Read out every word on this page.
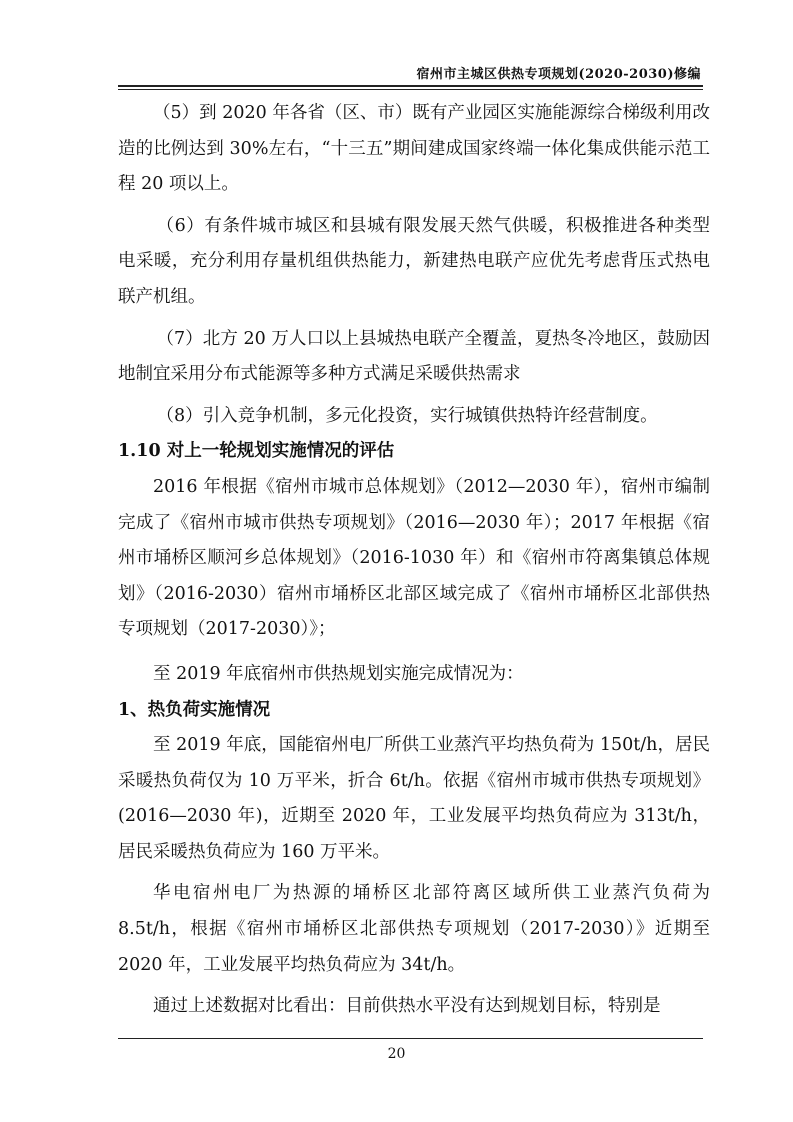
宿州市主城区供热专项规划(2020-2030)修编

（5）到 2020 年各省（区、市）既有产业园区实施能源综合梯级利用改造的比例达到 30%左右，“十三五”期间建成国家终端一体化集成供能示范工程 20 项以上。

（6）有条件城市城区和县城有限发展天然气供暖，积极推进各种类型电采暖，充分利用存量机组供热能力，新建热电联产应优先考虑背压式热电联产机组。

（7）北方 20 万人口以上县城热电联产全覆盖，夏热冬冷地区，鼓励因地制宜采用分布式能源等多种方式满足采暖供热需求

（8）引入竞争机制，多元化投资，实行城镇供热特许经营制度。

1.10 对上一轮规划实施情况的评估

2016 年根据《宿州市城市总体规划》（2012—2030 年），宿州市编制完成了《宿州市城市供热专项规划》（2016—2030 年）；2017 年根据《宿州市埇桥区顺河乡总体规划》（2016-1030 年）和《宿州市符离集镇总体规划》（2016-2030）宿州市埇桥区北部区域完成了《宿州市埇桥区北部供热专项规划（2017-2030）》；

至 2019 年底宿州市供热规划实施完成情况为：

1、热负荷实施情况

至 2019 年底，国能宿州电厂所供工业蒸汽平均热负荷为 150t/h，居民采暖热负荷仅为 10 万平米，折合 6t/h。依据《宿州市城市供热专项规划》(2016—2030 年)，近期至 2020 年，工业发展平均热负荷应为 313t/h，居民采暖热负荷应为 160 万平米。

华电宿州电厂为热源的埇桥区北部符离区域所供工业蒸汽负荷为 8.5t/h，根据《宿州市埇桥区北部供热专项规划（2017-2030）》近期至 2020 年，工业发展平均热负荷应为 34t/h。

通过上述数据对比看出：目前供热水平没有达到规划目标，特别是

20
